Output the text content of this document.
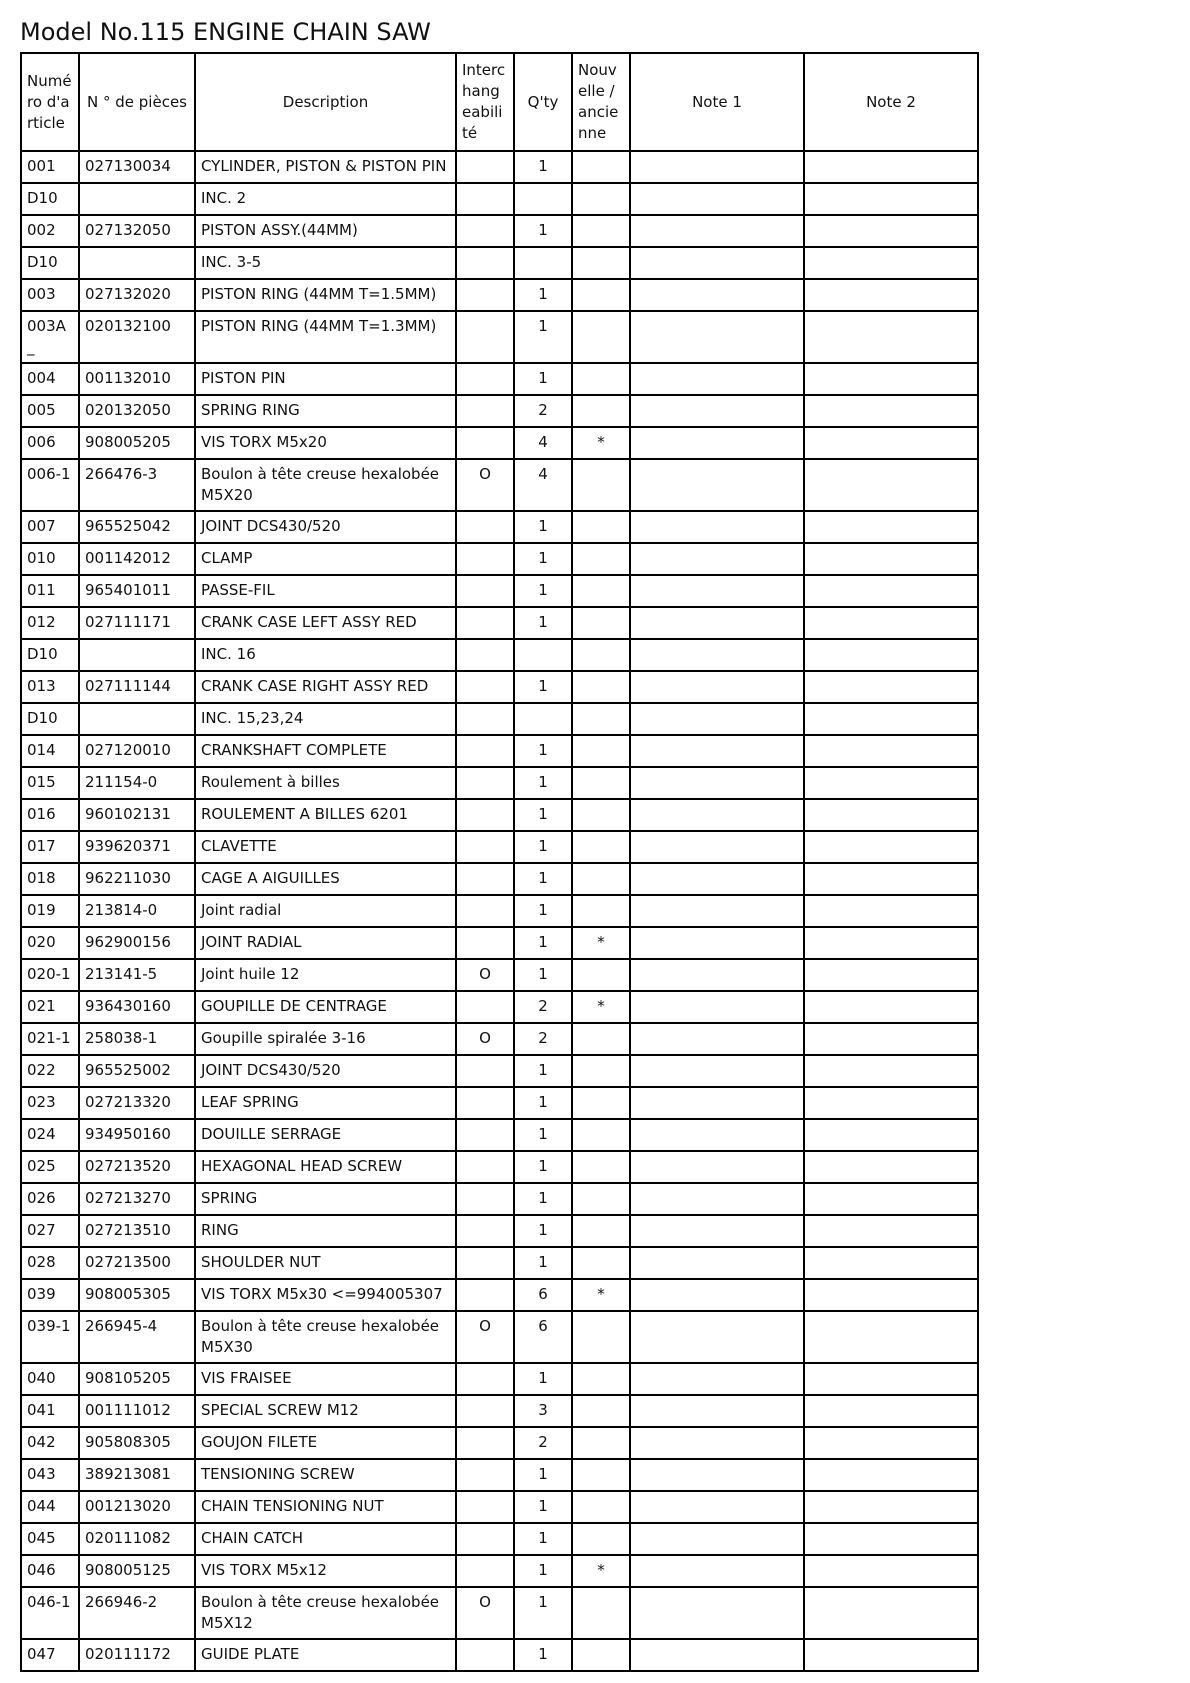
Model No.115 ENGINE CHAIN SAW
Numéro d'article	N ° de pièces	Description	Interchangeabilité	Q'ty	Nouvelle / ancienne	Note 1	Note 2
001	027130034	CYLINDER, PISTON & PISTON PIN		1			
D10		INC. 2					
002	027132050	PISTON ASSY.(44MM)		1			
D10		INC. 3-5					
003	027132020	PISTON RING (44MM T=1.5MM)		1			
003A_	020132100	PISTON RING (44MM T=1.3MM)		1			
004	001132010	PISTON PIN		1			
005	020132050	SPRING RING		2			
006	908005205	VIS TORX M5x20		4	*		
006-1	266476-3	Boulon à tête creuse hexalobée M5X20	O	4			
007	965525042	JOINT DCS430/520		1			
010	001142012	CLAMP		1			
011	965401011	PASSE-FIL		1			
012	027111171	CRANK CASE LEFT ASSY RED		1			
D10		INC. 16					
013	027111144	CRANK CASE RIGHT ASSY RED		1			
D10		INC. 15,23,24					
014	027120010	CRANKSHAFT COMPLETE		1			
015	211154-0	Roulement à billes		1			
016	960102131	ROULEMENT A BILLES 6201		1			
017	939620371	CLAVETTE		1			
018	962211030	CAGE A AIGUILLES		1			
019	213814-0	Joint radial		1			
020	962900156	JOINT RADIAL		1	*		
020-1	213141-5	Joint huile 12	O	1			
021	936430160	GOUPILLE DE CENTRAGE		2	*		
021-1	258038-1	Goupille spiralée 3-16	O	2			
022	965525002	JOINT DCS430/520		1			
023	027213320	LEAF SPRING		1			
024	934950160	DOUILLE SERRAGE		1			
025	027213520	HEXAGONAL HEAD SCREW		1			
026	027213270	SPRING		1			
027	027213510	RING		1			
028	027213500	SHOULDER NUT		1			
039	908005305	VIS TORX M5x30 <=994005307		6	*		
039-1	266945-4	Boulon à tête creuse hexalobée M5X30	O	6			
040	908105205	VIS FRAISEE		1			
041	001111012	SPECIAL SCREW M12		3			
042	905808305	GOUJON FILETE		2			
043	389213081	TENSIONING SCREW		1			
044	001213020	CHAIN TENSIONING NUT		1			
045	020111082	CHAIN CATCH		1			
046	908005125	VIS TORX M5x12		1	*		
046-1	266946-2	Boulon à tête creuse hexalobée M5X12	O	1			
047	020111172	GUIDE PLATE		1			
